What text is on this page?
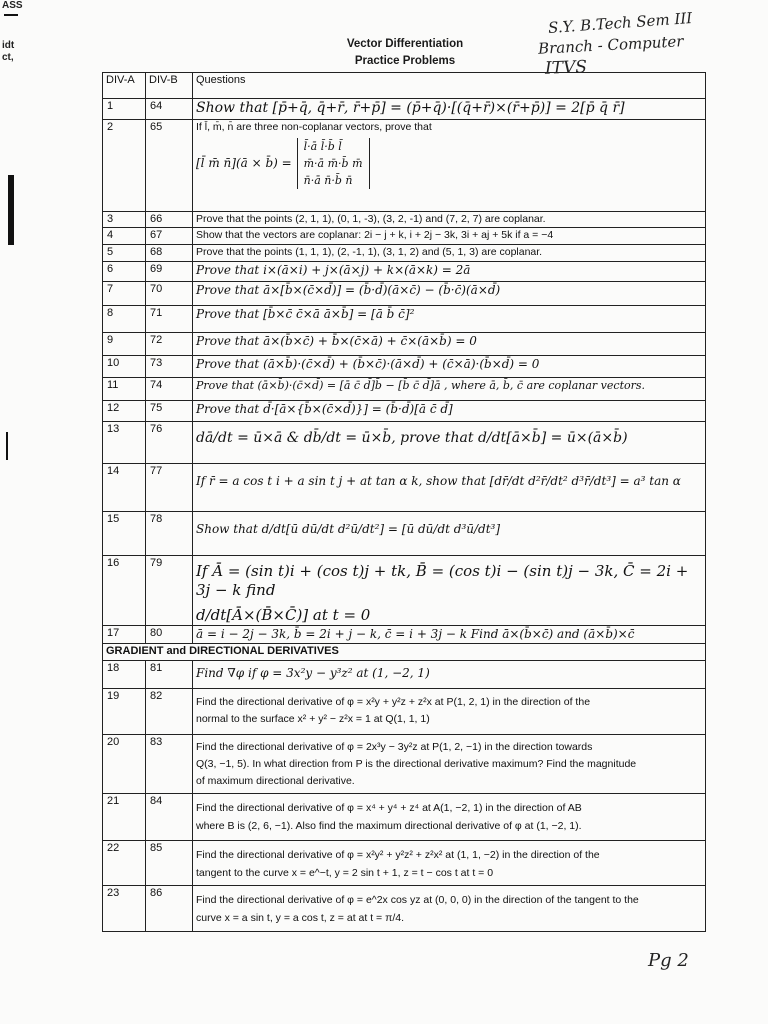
ASS
idt
ct,
S.Y. B.Tech Sem III
Branch - Computer
ITVS
Pg 2
Vector Differentiation
Practice Problems
DIV-A	DIV-B	Questions
1	64	Show that [p̄+q̄, q̄+r̄, r̄+p̄] = (p̄+q̄)·[(q̄+r̄)×(r̄+p̄)] = 2[p̄ q̄ r̄]
2	65	If l̄, m̄, n̄ are three non-coplanar vectors, prove that
[l̄ m̄ n̄](ā × b̄) =
l̄·ā l̄·b̄ l̄
m̄·ā m̄·b̄ m̄
n̄·ā n̄·b̄ n̄

3	66	Prove that the points (2, 1, 1), (0, 1, -3), (3, 2, -1) and (7, 2, 7) are coplanar.
4	67	Show that the vectors are coplanar: 2i − j + k, i + 2j − 3k, 3i + aj + 5k if a = −4
5	68	Prove that the points (1, 1, 1), (2, -1, 1), (3, 1, 2) and (5, 1, 3) are coplanar.
6	69	Prove that i×(ā×i) + j×(ā×j) + k×(ā×k) = 2ā
7	70	Prove that ā×[b̄×(c̄×d̄)] = (b̄·d̄)(ā×c̄) − (b̄·c̄)(ā×d̄)
8	71	Prove that [b̄×c̄ c̄×ā ā×b̄] = [ā b̄ c̄]²
9	72	Prove that ā×(b̄×c̄) + b̄×(c̄×ā) + c̄×(ā×b̄) = 0
10	73	Prove that (ā×b̄)·(c̄×d̄) + (b̄×c̄)·(ā×d̄) + (c̄×ā)·(b̄×d̄) = 0
11	74	Prove that (ā×b̄)·(c̄×d̄) = [ā c̄ d̄]b̄ − [b̄ c̄ d̄]ā , where ā, b̄, c̄ are coplanar vectors.
12	75	Prove that d̄·[ā×{b̄×(c̄×d̄)}] = (b̄·d̄)[ā c̄ d̄]
13	76	dā/dt = ū×ā & db̄/dt = ū×b̄, prove that d/dt[ā×b̄] = ū×(ā×b̄)
14	77	If r̄ = a cos t i + a sin t j + at tan α k, show that [dr̄/dt d²r̄/dt² d³r̄/dt³] = a³ tan α
15	78	Show that d/dt[ū dū/dt d²ū/dt²] = [ū dū/dt d³ū/dt³]
16	79	If Ā = (sin t)i + (cos t)j + tk, B̄ = (cos t)i − (sin t)j − 3k, C̄ = 2i + 3j − k find
d/dt[Ā×(B̄×C̄)] at t = 0

17	80	ā = i − 2j − 3k, b̄ = 2i + j − k, c̄ = i + 3j − k Find ā×(b̄×c̄) and (ā×b̄)×c̄
GRADIENT and DIRECTIONAL DERIVATIVES		
18	81	Find ∇φ if φ = 3x²y − y³z² at (1, −2, 1)
19	82	Find the directional derivative of φ = x²y + y²z + z²x at P(1, 2, 1) in the direction of the
normal to the surface x² + y² − z²x = 1 at Q(1, 1, 1)

20	83	Find the directional derivative of φ = 2x³y − 3y²z at P(1, 2, −1) in the direction towards
Q(3, −1, 5). In what direction from P is the directional derivative maximum? Find the magnitude
of maximum directional derivative.

21	84	Find the directional derivative of φ = x⁴ + y⁴ + z⁴ at A(1, −2, 1) in the direction of AB
where B is (2, 6, −1). Also find the maximum directional derivative of φ at (1, −2, 1).

22	85	Find the directional derivative of φ = x²y² + y²z² + z²x² at (1, 1, −2) in the direction of the
tangent to the curve x = e^−t, y = 2 sin t + 1, z = t − cos t at t = 0

23	86	Find the directional derivative of φ = e^2x cos yz at (0, 0, 0) in the direction of the tangent to the
curve x = a sin t, y = a cos t, z = at at t = π/4.
